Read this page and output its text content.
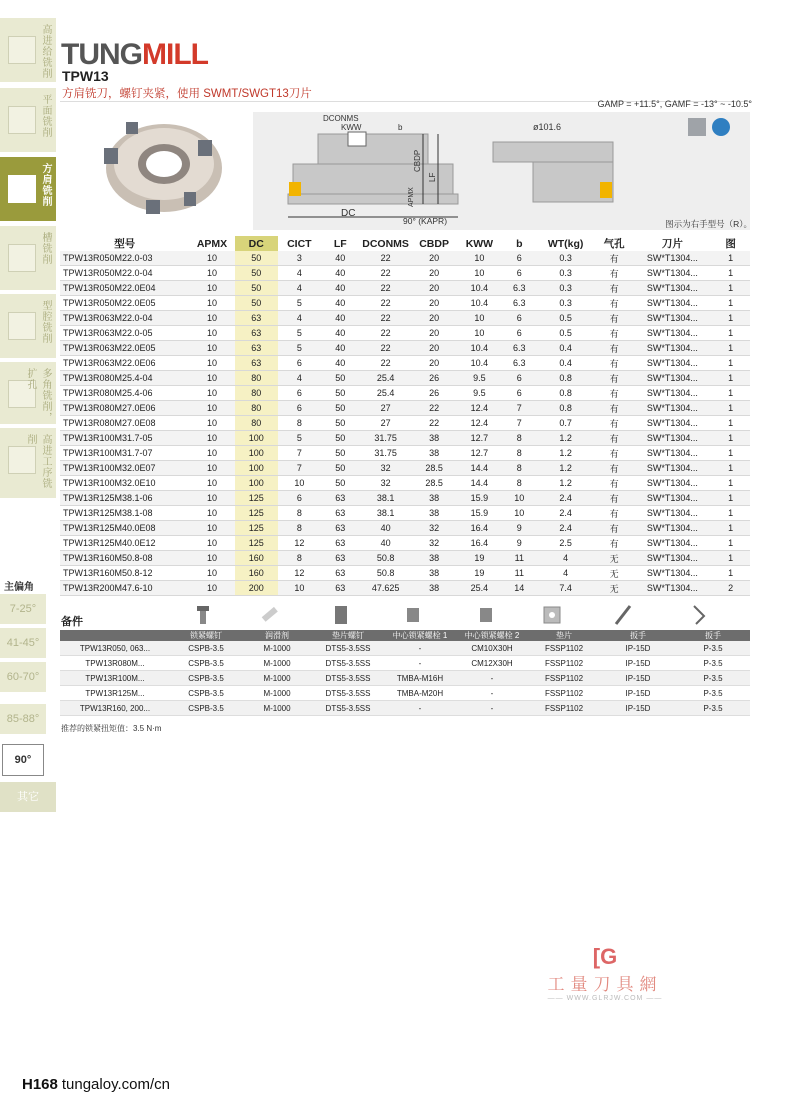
高进给铣削
平面铣削
方肩铣削
槽铣削
型腔铣削
多角铣削，扩孔
高进工序铣削
主偏角
7-25°
41-45°
60-70°
85-88°
90°
其它
TUNGMILL
TPW13
方肩铣刀，螺钉夹紧，使用 SWMT/SWGT13刀片
GAMP = +11.5°, GAMF = -13° ~ -10.5°
DC
DCONMS
KWW	b
90° (KAPR)
CBDP
LF
APMX
ø101.6
图示为右手型号（R）。
型号	APMX	DC	CICT	LF	DCONMS	CBDP	KWW	b	WT(kg)	气孔	刀片	图
TPW13R050M22.0-03	10	50	3	40	22	20	10	6	0.3	有	SW*T1304...	1
TPW13R050M22.0-04	10	50	4	40	22	20	10	6	0.3	有	SW*T1304...	1
TPW13R050M22.0E04	10	50	4	40	22	20	10.4	6.3	0.3	有	SW*T1304...	1
TPW13R050M22.0E05	10	50	5	40	22	20	10.4	6.3	0.3	有	SW*T1304...	1
TPW13R063M22.0-04	10	63	4	40	22	20	10	6	0.5	有	SW*T1304...	1
TPW13R063M22.0-05	10	63	5	40	22	20	10	6	0.5	有	SW*T1304...	1
TPW13R063M22.0E05	10	63	5	40	22	20	10.4	6.3	0.4	有	SW*T1304...	1
TPW13R063M22.0E06	10	63	6	40	22	20	10.4	6.3	0.4	有	SW*T1304...	1
TPW13R080M25.4-04	10	80	4	50	25.4	26	9.5	6	0.8	有	SW*T1304...	1
TPW13R080M25.4-06	10	80	6	50	25.4	26	9.5	6	0.8	有	SW*T1304...	1
TPW13R080M27.0E06	10	80	6	50	27	22	12.4	7	0.8	有	SW*T1304...	1
TPW13R080M27.0E08	10	80	8	50	27	22	12.4	7	0.7	有	SW*T1304...	1
TPW13R100M31.7-05	10	100	5	50	31.75	38	12.7	8	1.2	有	SW*T1304...	1
TPW13R100M31.7-07	10	100	7	50	31.75	38	12.7	8	1.2	有	SW*T1304...	1
TPW13R100M32.0E07	10	100	7	50	32	28.5	14.4	8	1.2	有	SW*T1304...	1
TPW13R100M32.0E10	10	100	10	50	32	28.5	14.4	8	1.2	有	SW*T1304...	1
TPW13R125M38.1-06	10	125	6	63	38.1	38	15.9	10	2.4	有	SW*T1304...	1
TPW13R125M38.1-08	10	125	8	63	38.1	38	15.9	10	2.4	有	SW*T1304...	1
TPW13R125M40.0E08	10	125	8	63	40	32	16.4	9	2.4	有	SW*T1304...	1
TPW13R125M40.0E12	10	125	12	63	40	32	16.4	9	2.5	有	SW*T1304...	1
TPW13R160M50.8-08	10	160	8	63	50.8	38	19	11	4	无	SW*T1304...	1
TPW13R160M50.8-12	10	160	12	63	50.8	38	19	11	4	无	SW*T1304...	1
TPW13R200M47.6-10	10	200	10	63	47.625	38	25.4	14	7.4	无	SW*T1304...	2
备件
	锁紧螺钉	润滑剂	垫片螺钉	中心锁紧螺栓 1	中心锁紧螺栓 2	垫片	扳手	扳手
TPW13R050, 063...	CSPB-3.5	M-1000	DTS5-3.5SS	-	CM10X30H	FSSP1102	IP-15D	P-3.5
TPW13R080M...	CSPB-3.5	M-1000	DTS5-3.5SS	-	CM12X30H	FSSP1102	IP-15D	P-3.5
TPW13R100M...	CSPB-3.5	M-1000	DTS5-3.5SS	TMBA-M16H	-	FSSP1102	IP-15D	P-3.5
TPW13R125M...	CSPB-3.5	M-1000	DTS5-3.5SS	TMBA-M20H	-	FSSP1102	IP-15D	P-3.5
TPW13R160, 200...	CSPB-3.5	M-1000	DTS5-3.5SS	-	-	FSSP1102	IP-15D	P-3.5
推荐的锁紧扭矩值：3.5 N·m
[G
工量刀具網
—— WWW.GLRJW.COM ——
H168 tungaloy.com/cn
